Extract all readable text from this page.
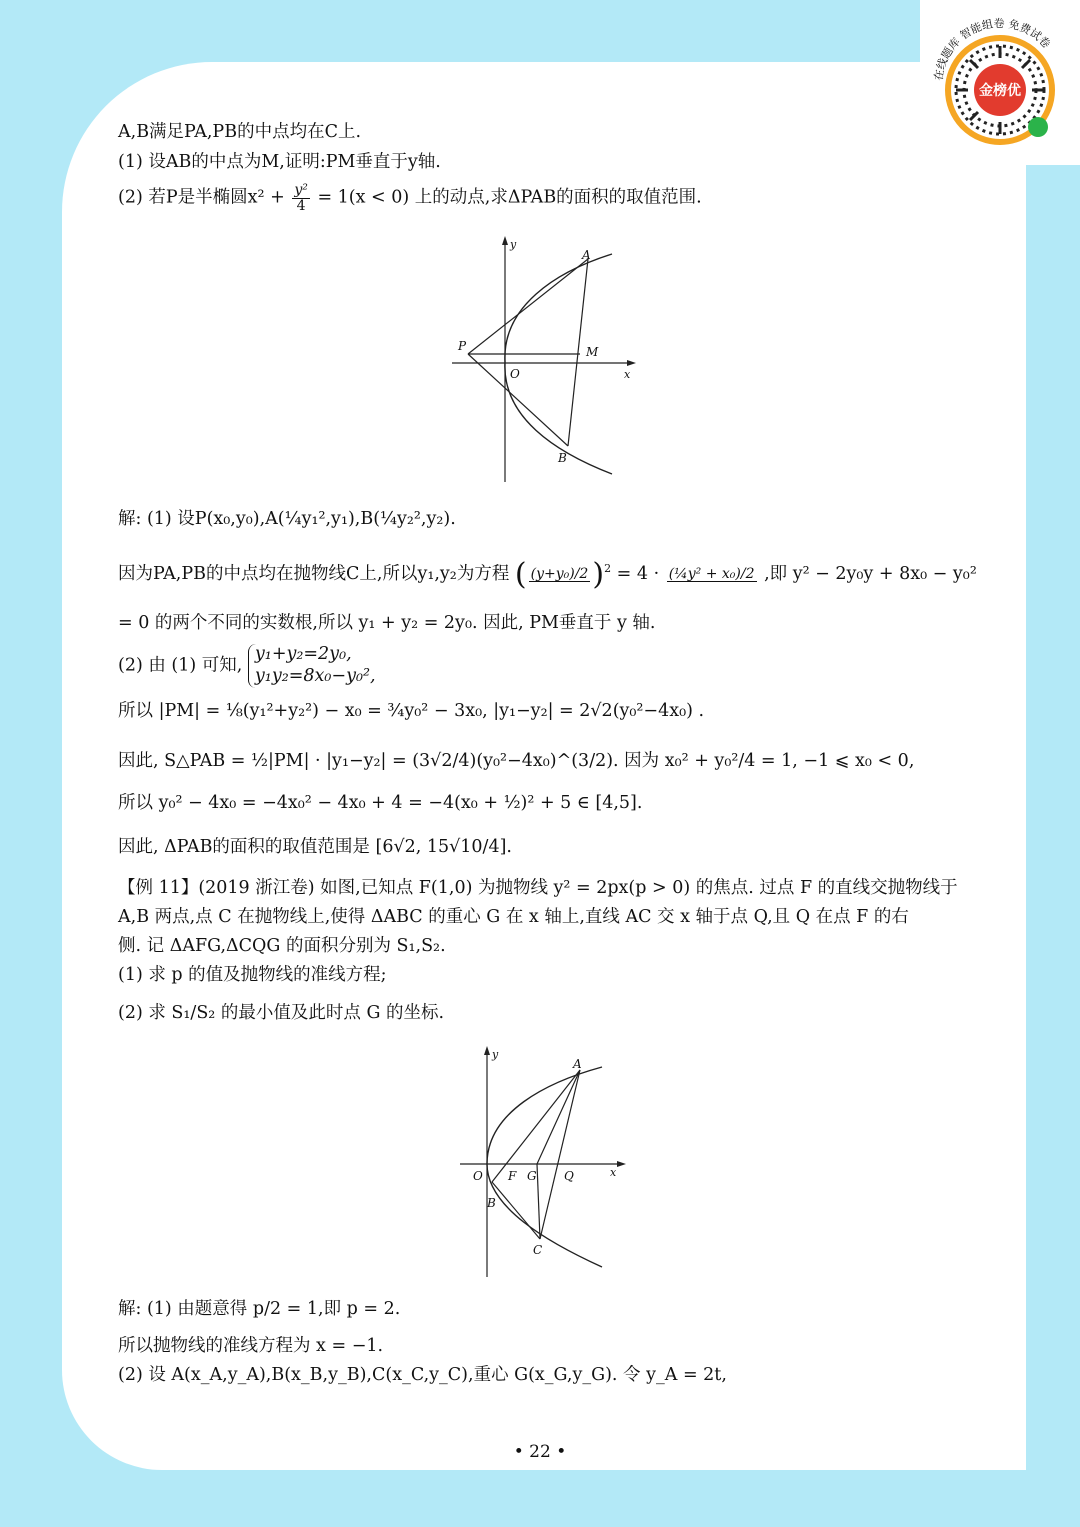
在线题库 智能组卷 免费试卷
金榜优
A,B满足PA,PB的中点均在C上.
(1) 设AB的中点为M,证明:PM垂直于y轴.
(2) 若P是半椭圆$x^2 + \frac{\text{y²}}{4} = 1(x < 0)$ 上的动点,求ΔPAB的面积的取值范围.
y
A
P	M
O	x
B
解: (1) 设P(x₀,y₀),A(¼y₁²,y₁),B(¼y₂²,y₂).
因为PA,PB的中点均在抛物线C上,所以y₁,y₂为方程 ( (y+y₀)/2 )$^2$ = 4 · (¼y² + x₀)/2 ,即 y² − 2y₀y + 8x₀ − y₀²
= 0 的两个不同的实数根,所以 y₁ + y₂ = 2y₀. 因此, PM垂直于 y 轴.
(2) 由 (1) 可知,
y₁+y₂=2y₀,
y₁y₂=8x₀−y₀²,
所以 |PM| = ⅛(y₁²+y₂²) − x₀ = ¾y₀² − 3x₀, |y₁−y₂| = 2√2(y₀²−4x₀) .
因此, S△PAB = ½|PM| · |y₁−y₂| = (3√2/4)(y₀²−4x₀)^(3/2). 因为 x₀² + y₀²/4 = 1, −1 ⩽ x₀ < 0,
所以 y₀² − 4x₀ = −4x₀² − 4x₀ + 4 = −4(x₀ + ½)² + 5 ∈ [4,5].
因此, ΔPAB的面积的取值范围是 [6√2, 15√10/4].
【例 11】(2019 浙江卷) 如图,已知点 F(1,0) 为抛物线 y² = 2px(p > 0) 的焦点. 过点 F 的直线交抛物线于
A,B 两点,点 C 在抛物线上,使得 ΔABC 的重心 G 在 x 轴上,直线 AC 交 x 轴于点 Q,且 Q 在点 F 的右
侧. 记 ΔAFG,ΔCQG 的面积分别为 S₁,S₂.
(1) 求 p 的值及抛物线的准线方程;
(2) 求 S₁/S₂ 的最小值及此时点 G 的坐标.
y
A
O F G Q	x
B
C
解: (1) 由题意得 p/2 = 1,即 p = 2.
所以抛物线的准线方程为 x = −1.
(2) 设 A(x_A,y_A),B(x_B,y_B),C(x_C,y_C),重心 G(x_G,y_G). 令 y_A = 2t,
• 22 •
